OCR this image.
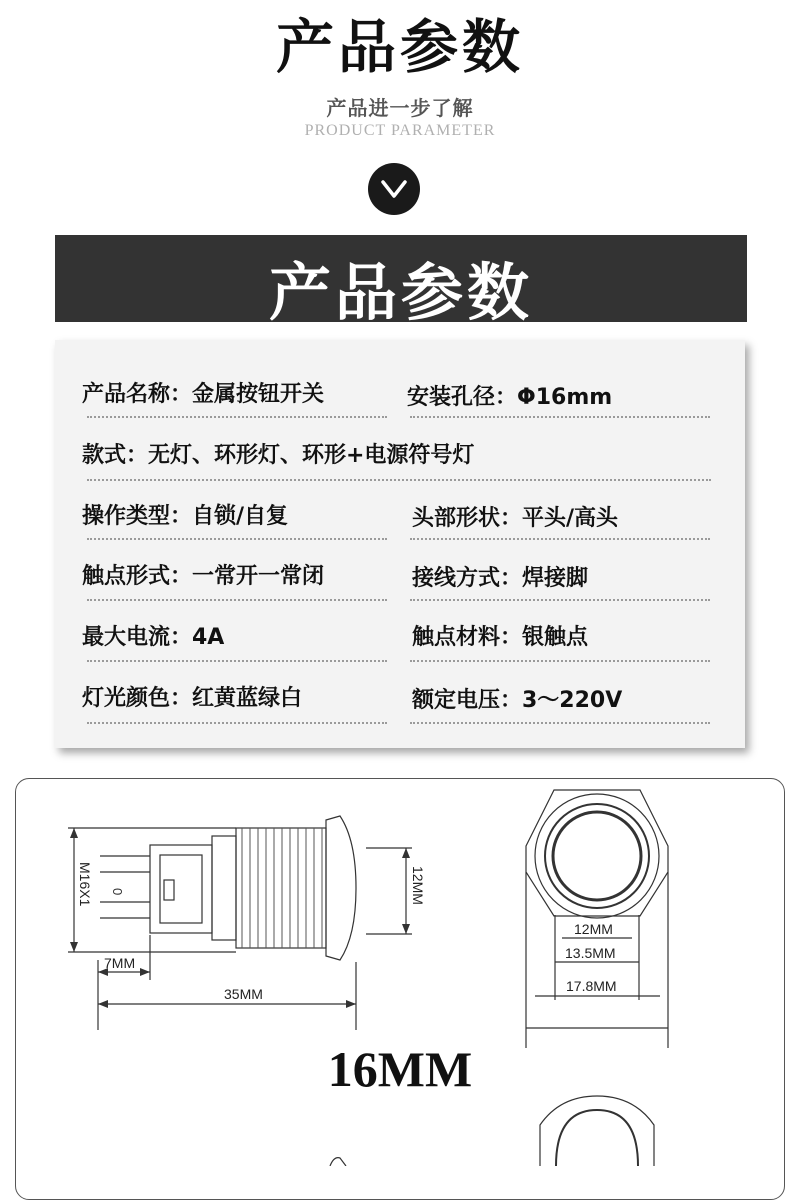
产品参数
产品进一步了解
PRODUCT PARAMETER
产品参数
产品名称：金属按钮开关	安装孔径：Φ16mm
款式：无灯、环形灯、环形+电源符号灯
操作类型：自锁/自复	头部形状：平头/高头
触点形式：一常开一常闭	接线方式：焊接脚
最大电流：4A	触点材料：银触点
灯光颜色：红黄蓝绿白	额定电压：3～220V
M16X1	12MM
7MM
35MM
12MM
13.5MM
17.8MM
0
16MM
